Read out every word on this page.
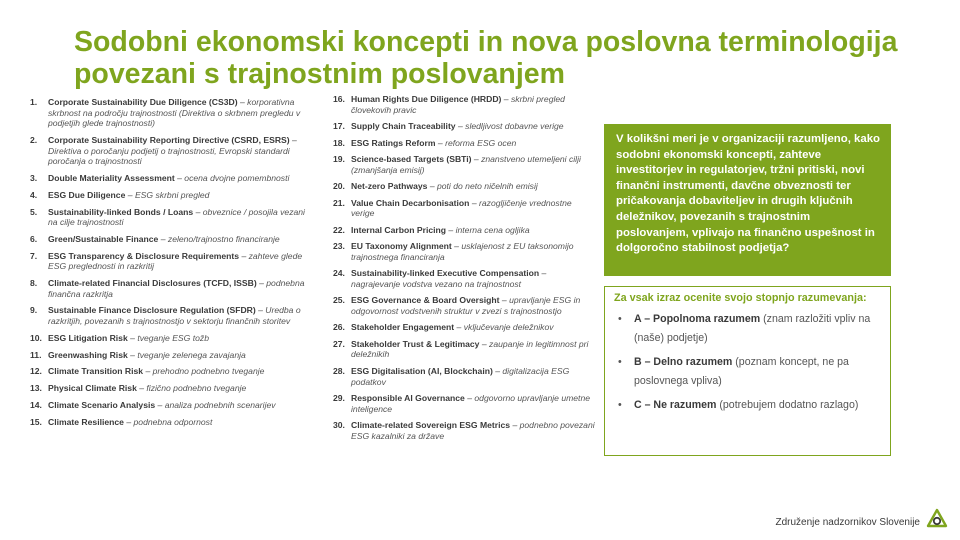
Sodobni ekonomski koncepti in nova poslovna terminologija povezani s trajnostnim poslovanjem
1.	Corporate Sustainability Due Diligence (CS3D) – korporativna skrbnost na področju trajnostnosti (Direktiva o skrbnem pregledu v podjetjih glede trajnostnosti)
2.	Corporate Sustainability Reporting Directive (CSRD, ESRS) – Direktiva o poročanju podjetij o trajnostnosti, Evropski standardi poročanja o trajnostnosti
3.	Double Materiality Assessment – ocena dvojne pomembnosti
4.	ESG Due Diligence – ESG skrbni pregled
5.	Sustainability-linked Bonds / Loans – obveznice / posojila vezani na cilje trajnostnosti
6.	Green/Sustainable Finance – zeleno/trajnostno financiranje
7.	ESG Transparency & Disclosure Requirements – zahteve glede ESG preglednosti in razkritij
8.	Climate-related Financial Disclosures (TCFD, ISSB) – podnebna finančna razkritja
9.	Sustainable Finance Disclosure Regulation (SFDR) – Uredba o razkritjih, povezanih s trajnostnostjo v sektorju finančnih storitev
10. ESG Litigation Risk – tveganje ESG tožb
11. Greenwashing Risk – tveganje zelenega zavajanja
12. Climate Transition Risk – prehodno podnebno tveganje
13. Physical Climate Risk – fizično podnebno tveganje
14. Climate Scenario Analysis – analiza podnebnih scenarijev
15. Climate Resilience – podnebna odpornost
16. Human Rights Due Diligence (HRDD) – skrbni pregled človekovih pravic
17. Supply Chain Traceability – sledljivost dobavne verige
18. ESG Ratings Reform – reforma ESG ocen
19. Science-based Targets (SBTi) – znanstveno utemeljeni cilji (zmanjšanja emisij)
20. Net-zero Pathways – poti do neto ničelnih emisij
21. Value Chain Decarbonisation – razogljičenje vrednostne verige
22. Internal Carbon Pricing – interna cena ogljika
23. EU Taxonomy Alignment – usklajenost z EU taksonomijo trajnostnega financiranja
24. Sustainability-linked Executive Compensation – nagrajevanje vodstva vezano na trajnostnost
25. ESG Governance & Board Oversight – upravljanje ESG in odgovornost vodstvenih struktur v zvezi s trajnostnostjo
26. Stakeholder Engagement – vključevanje deležnikov
27. Stakeholder Trust & Legitimacy – zaupanje in legitimnost pri deležnikih
28. ESG Digitalisation (AI, Blockchain) – digitalizacija ESG podatkov
29. Responsible AI Governance – odgovorno upravljanje umetne inteligence
30. Climate-related Sovereign ESG Metrics – podnebno povezani ESG kazalniki za države
V kolikšni meri je v organizaciji razumljeno, kako sodobni ekonomski koncepti, zahteve investitorjev in regulatorjev, tržni pritiski, novi finančni instrumenti, davčne obveznosti ter pričakovanja dobaviteljev in drugih ključnih deležnikov, povezanih s trajnostnim poslovanjem, vplivajo na finančno uspešnost in dolgoročno stabilnost podjetja?
Za vsak izraz ocenite svojo stopnjo razumevanja:
•	A – Popolnoma razumem (znam razložiti vpliv na (naše) podjetje)
•	B – Delno razumem (poznam koncept, ne pa poslovnega vpliva)
•	C – Ne razumem (potrebujem dodatno razlago)
Združenje nadzornikov Slovenije
